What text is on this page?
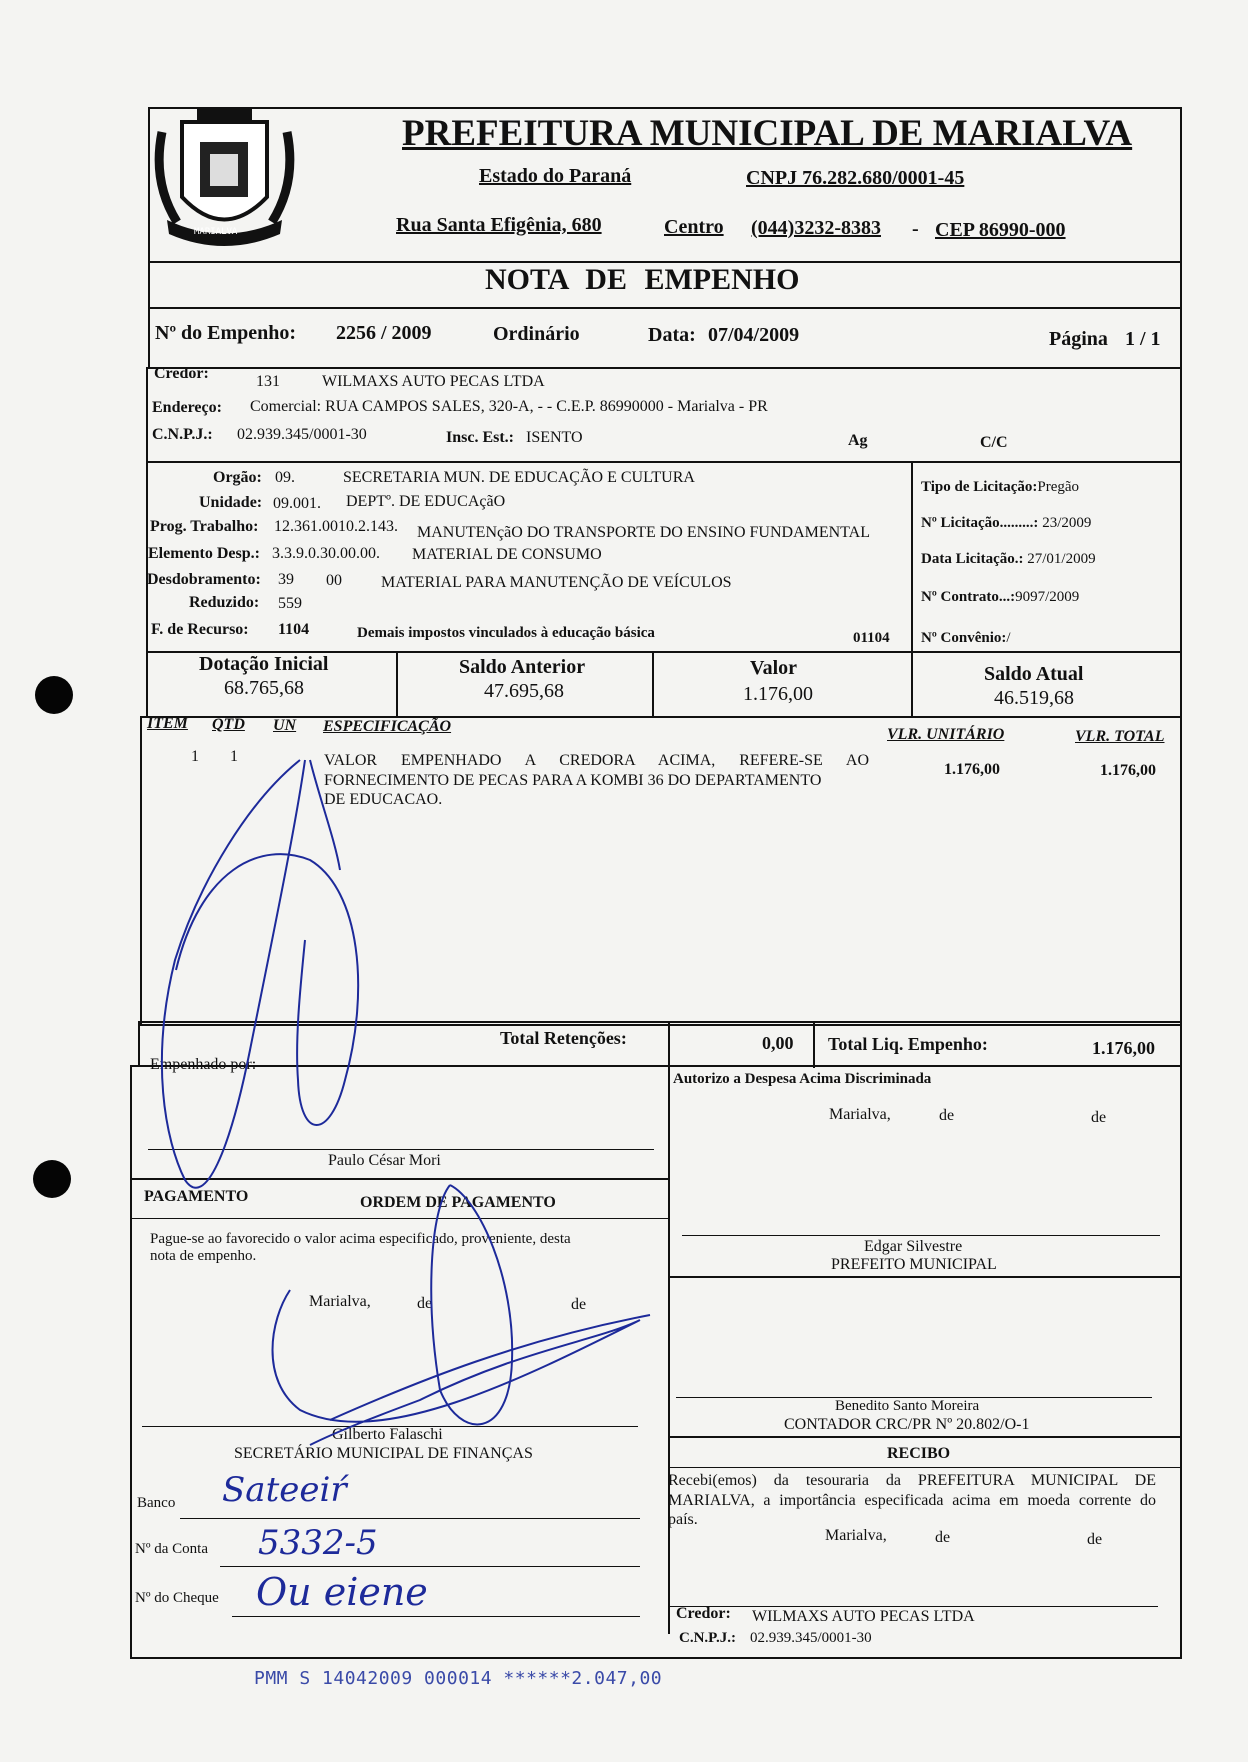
MARIALVA
PREFEITURA MUNICIPAL DE MARIALVA
Estado do Paraná	CNPJ 76.282.680/0001-45
Rua Santa Efigênia, 680	Centro (044)3232-8383 - CEP 86990-000
NOTA DE EMPENHO
Nº do Empenho: 2256 / 2009	Ordinário	Data: 07/04/2009	Página 1 / 1
Credor:	131	WILMAXS AUTO PECAS LTDA
Endereço: Comercial: RUA CAMPOS SALES, 320-A, - - C.E.P. 86990000 - Marialva - PR
C.N.P.J.: 02.939.345/0001-30	Insc. Est.: ISENTO	Ag	C/C
Orgão: 09.	SECRETARIA MUN. DE EDUCAÇÃO E CULTURA
Unidade: 09.001. DEPTº. DE EDUCAçãO
Prog. Trabalho: 12.361.0010.2.143. MANUTENçãO DO TRANSPORTE DO ENSINO FUNDAMENTAL
Elemento Desp.: 3.3.9.0.30.00.00. MATERIAL DE CONSUMO
Desdobramento: 39 00 MATERIAL PARA MANUTENÇÃO DE VEÍCULOS
Reduzido: 559
F. de Recurso: 1104	Demais impostos vinculados à educação básica	01104
Tipo de Licitação:Pregão
Nº Licitação.........: 23/2009
Data Licitação.: 27/01/2009
Nº Contrato...:9097/2009
Nº Convênio:/
Dotação Inicial
68.765,68
Saldo Anterior
47.695,68
Valor
1.176,00
Saldo Atual
46.519,68
ITEM QTD UN ESPECIFICAÇÃO	VLR. UNITÁRIO	VLR. TOTAL
1 1	VALOR EMPENHADO A CREDORA ACIMA, REFERE-SE AO
FORNECIMENTO DE PECAS PARA A KOMBI 36 DO DEPARTAMENTO
DE EDUCACAO.
1.176,00	1.176,00
Total Retenções:	0,00 Total Liq. Empenho:	1.176,00
Empenhado por:
Paulo César Mori
PAGAMENTO	ORDEM DE PAGAMENTO
Pague-se ao favorecido o valor acima especificado, proveniente, desta
nota de empenho.
Marialva,	de	de
Gilberto Falaschi
SECRETÁRIO MUNICIPAL DE FINANÇAS
Banco Sateeiŕ
Nº da Conta 5332-5
Nº do Cheque Ou eiene
Autorizo a Despesa Acima Discriminada
Marialva,	de	de
Edgar Silvestre
PREFEITO MUNICIPAL
Benedito Santo Moreira
CONTADOR CRC/PR Nº 20.802/O-1
RECIBO
Recebi(emos) da tesouraria da PREFEITURA MUNICIPAL DE
MARIALVA, a importância especificada acima em moeda corrente do
país.
Marialva,	de	de
Credor: WILMAXS AUTO PECAS LTDA
C.N.P.J.: 02.939.345/0001-30
PMM S 14042009 000014 ******2.047,00
